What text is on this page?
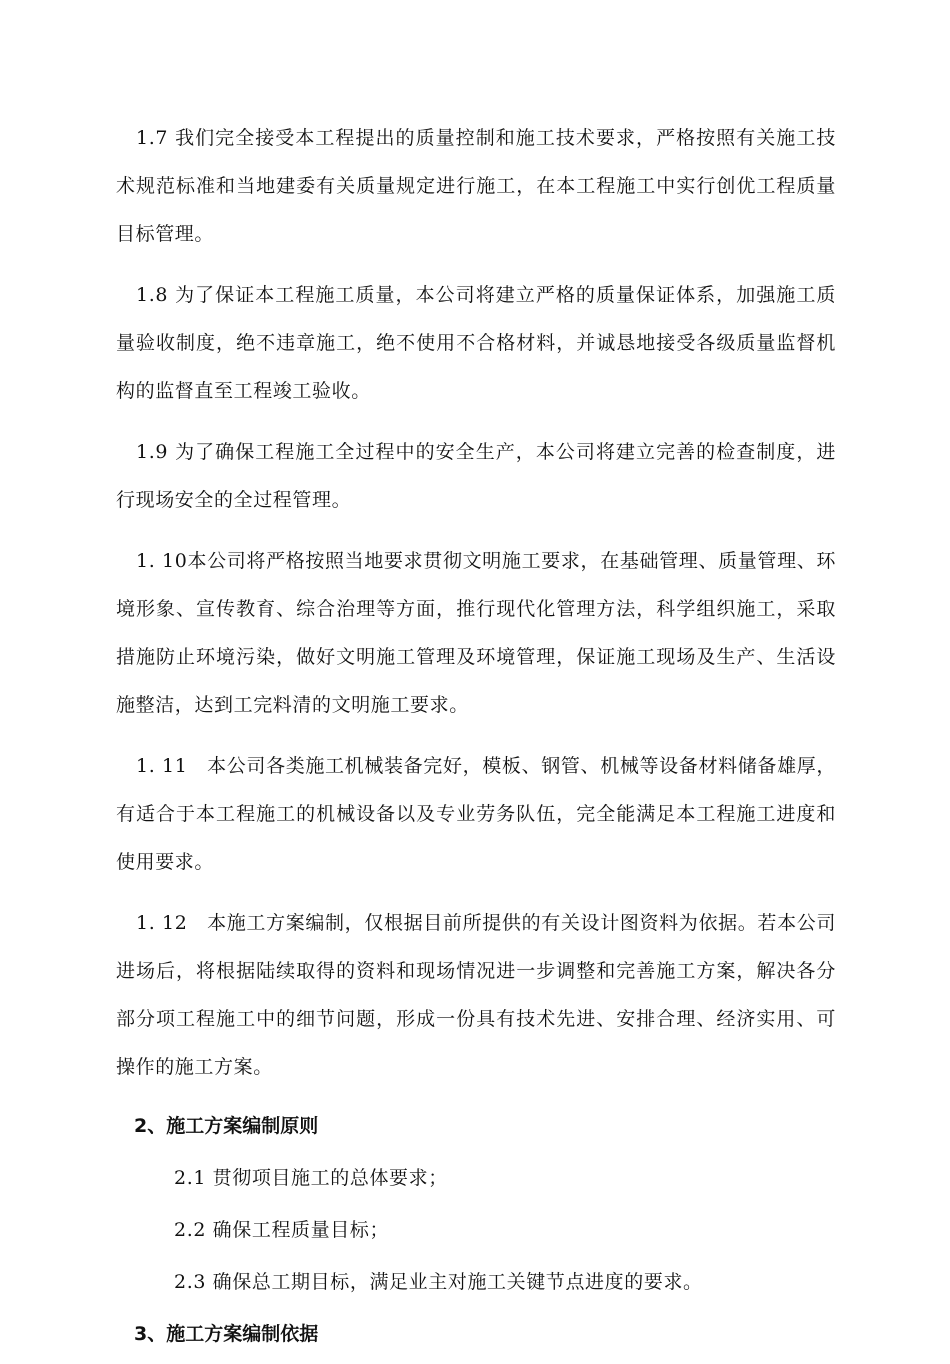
1.7 我们完全接受本工程提出的质量控制和施工技术要求，严格按照有关施工技术规范标准和当地建委有关质量规定进行施工，在本工程施工中实行创优工程质量目标管理。

1.8 为了保证本工程施工质量，本公司将建立严格的质量保证体系，加强施工质量验收制度，绝不违章施工，绝不使用不合格材料，并诚恳地接受各级质量监督机构的监督直至工程竣工验收。

1.9 为了确保工程施工全过程中的安全生产，本公司将建立完善的检查制度，进行现场安全的全过程管理。

1. 10本公司将严格按照当地要求贯彻文明施工要求，在基础管理、质量管理、环境形象、宣传教育、综合治理等方面，推行现代化管理方法，科学组织施工，采取措施防止环境污染，做好文明施工管理及环境管理，保证施工现场及生产、生活设施整洁，达到工完料清的文明施工要求。

1. 11　本公司各类施工机械装备完好，模板、钢管、机械等设备材料储备雄厚，有适合于本工程施工的机械设备以及专业劳务队伍，完全能满足本工程施工进度和使用要求。

1. 12　本施工方案编制，仅根据目前所提供的有关设计图资料为依据。若本公司进场后，将根据陆续取得的资料和现场情况进一步调整和完善施工方案，解决各分部分项工程施工中的细节问题，形成一份具有技术先进、安排合理、经济实用、可操作的施工方案。

2、施工方案编制原则

2.1 贯彻项目施工的总体要求；

2.2 确保工程质量目标；

2.3 确保总工期目标，满足业主对施工关键节点进度的要求。

3、施工方案编制依据
